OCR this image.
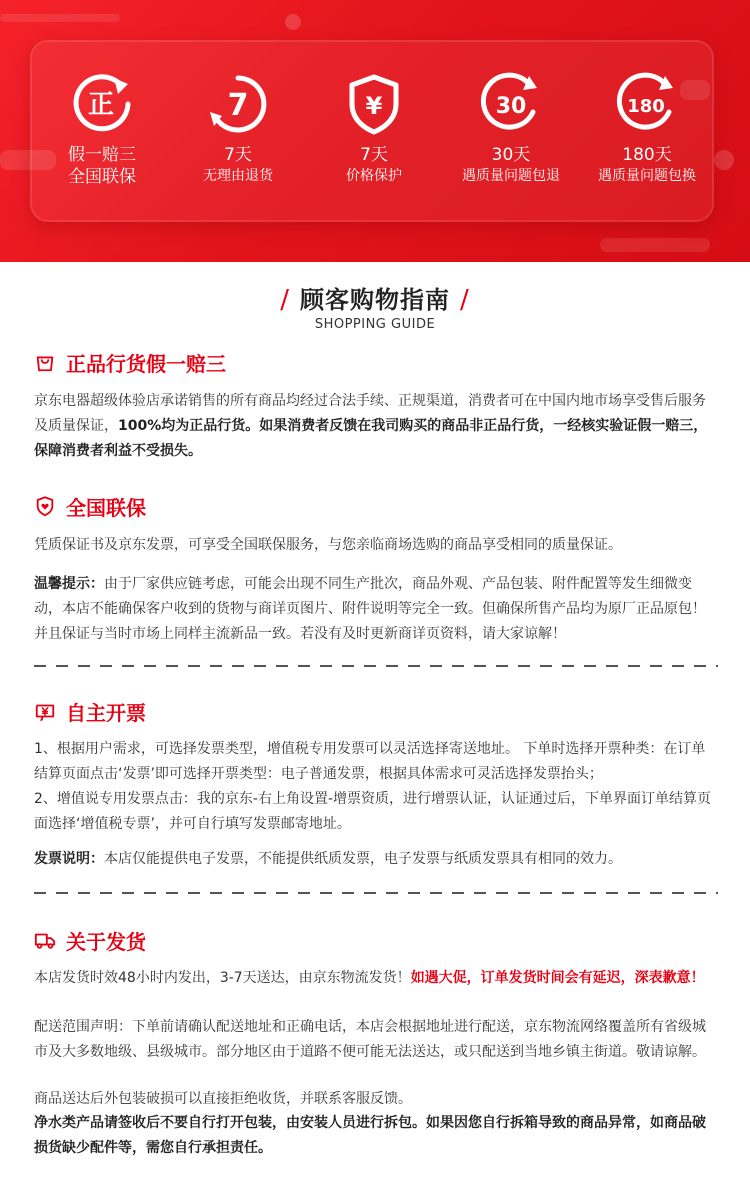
正
假一赔三
全国联保
7
7天
无理由退货
¥
7天
价格保护
30
30天
遇质量问题包退
180
180天
遇质量问题包换
/ 顾客购物指南 /
SHOPPING GUIDE
正品行货假一赔三
京东电器超级体验店承诺销售的所有商品均经过合法手续、正规渠道，消费者可在中国内地市场享受售后服务及质量保证，100%均为正品行货。如果消费者反馈在我司购买的商品非正品行货，一经核实验证假一赔三，保障消费者利益不受损失。
全国联保
凭质保证书及京东发票，可享受全国联保服务，与您亲临商场选购的商品享受相同的质量保证。
温馨提示：由于厂家供应链考虑，可能会出现不同生产批次，商品外观、产品包装、附件配置等发生细微变动，本店不能确保客户收到的货物与商详页图片、附件说明等完全一致。但确保所售产品均为原厂正品原包！并且保证与当时市场上同样主流新品一致。若没有及时更新商详页资料，请大家谅解！
自主开票
1、根据用户需求，可选择发票类型，增值税专用发票可以灵活选择寄送地址。 下单时选择开票种类：在订单结算页面点击‘发票’即可选择开票类型：电子普通发票，根据具体需求可灵活选择发票抬头；
2、增值说专用发票点击：我的京东-右上角设置-增票资质，进行增票认证，认证通过后，下单界面订单结算页面选择‘增值税专票’，并可自行填写发票邮寄地址。
发票说明：本店仅能提供电子发票，不能提供纸质发票，电子发票与纸质发票具有相同的效力。
关于发货
本店发货时效48小时内发出，3-7天送达，由京东物流发货！如遇大促，订单发货时间会有延迟，深表歉意！
配送范围声明：下单前请确认配送地址和正确电话，本店会根据地址进行配送，京东物流网络覆盖所有省级城市及大多数地级、县级城市。部分地区由于道路不便可能无法送达，或只配送到当地乡镇主街道。敬请谅解。
商品送达后外包装破损可以直接拒绝收货，并联系客服反馈。
净水类产品请签收后不要自行打开包装，由安装人员进行拆包。如果因您自行拆箱导致的商品异常，如商品破损货缺少配件等，需您自行承担责任。
